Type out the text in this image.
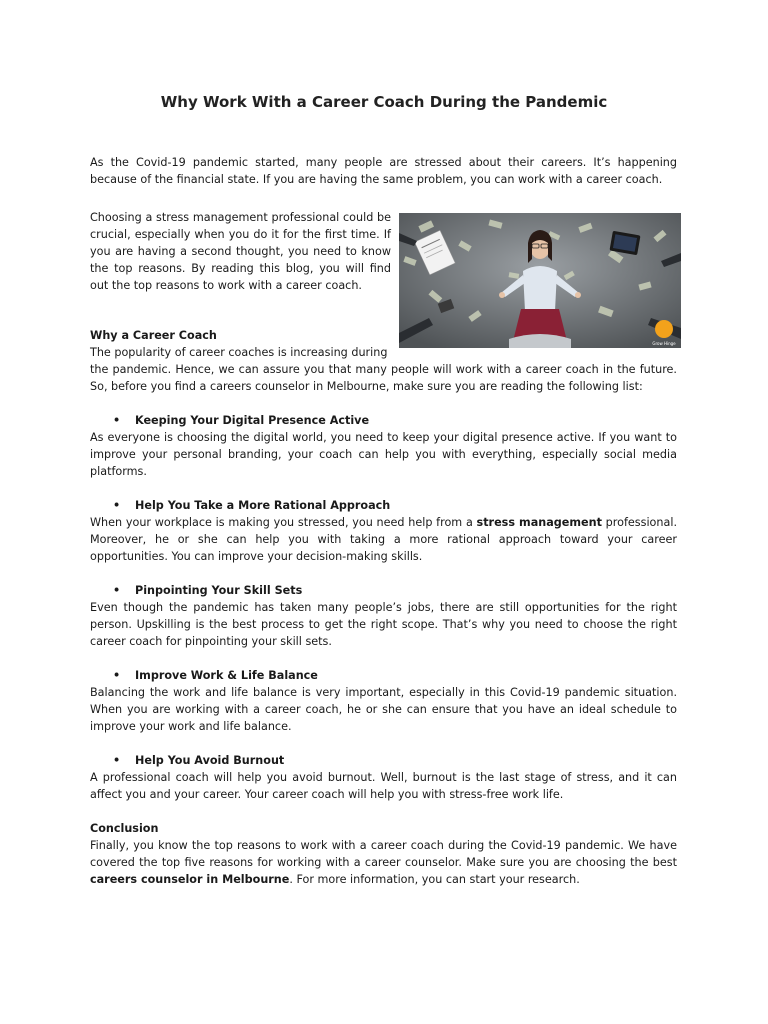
Why Work With a Career Coach During the Pandemic

As the Covid-19 pandemic started, many people are stressed about their careers. It’s happening because of the financial state. If you are having the same problem, you can work with a career coach.

Choosing a stress management professional could be crucial, especially when you do it for the first time. If you are having a second thought, you need to know the top reasons. By reading this blog, you will find out the top reasons to work with a career coach.

Grow Hinge

Why a Career Coach

The popularity of career coaches is increasing during

the pandemic. Hence, we can assure you that many people will work with a career coach in the future. So, before you find a careers counselor in Melbourne, make sure you are reading the following list:

• Keeping Your Digital Presence Active

As everyone is choosing the digital world, you need to keep your digital presence active. If you want to improve your personal branding, your coach can help you with everything, especially social media platforms.

• Help You Take a More Rational Approach

When your workplace is making you stressed, you need help from a stress management professional. Moreover, he or she can help you with taking a more rational approach toward your career opportunities. You can improve your decision-making skills.

• Pinpointing Your Skill Sets

Even though the pandemic has taken many people’s jobs, there are still opportunities for the right person. Upskilling is the best process to get the right scope. That’s why you need to choose the right career coach for pinpointing your skill sets.

• Improve Work & Life Balance

Balancing the work and life balance is very important, especially in this Covid-19 pandemic situation. When you are working with a career coach, he or she can ensure that you have an ideal schedule to improve your work and life balance.

• Help You Avoid Burnout

A professional coach will help you avoid burnout. Well, burnout is the last stage of stress, and it can affect you and your career. Your career coach will help you with stress-free work life.

Conclusion

Finally, you know the top reasons to work with a career coach during the Covid-19 pandemic. We have covered the top five reasons for working with a career counselor. Make sure you are choosing the best careers counselor in Melbourne. For more information, you can start your research.
